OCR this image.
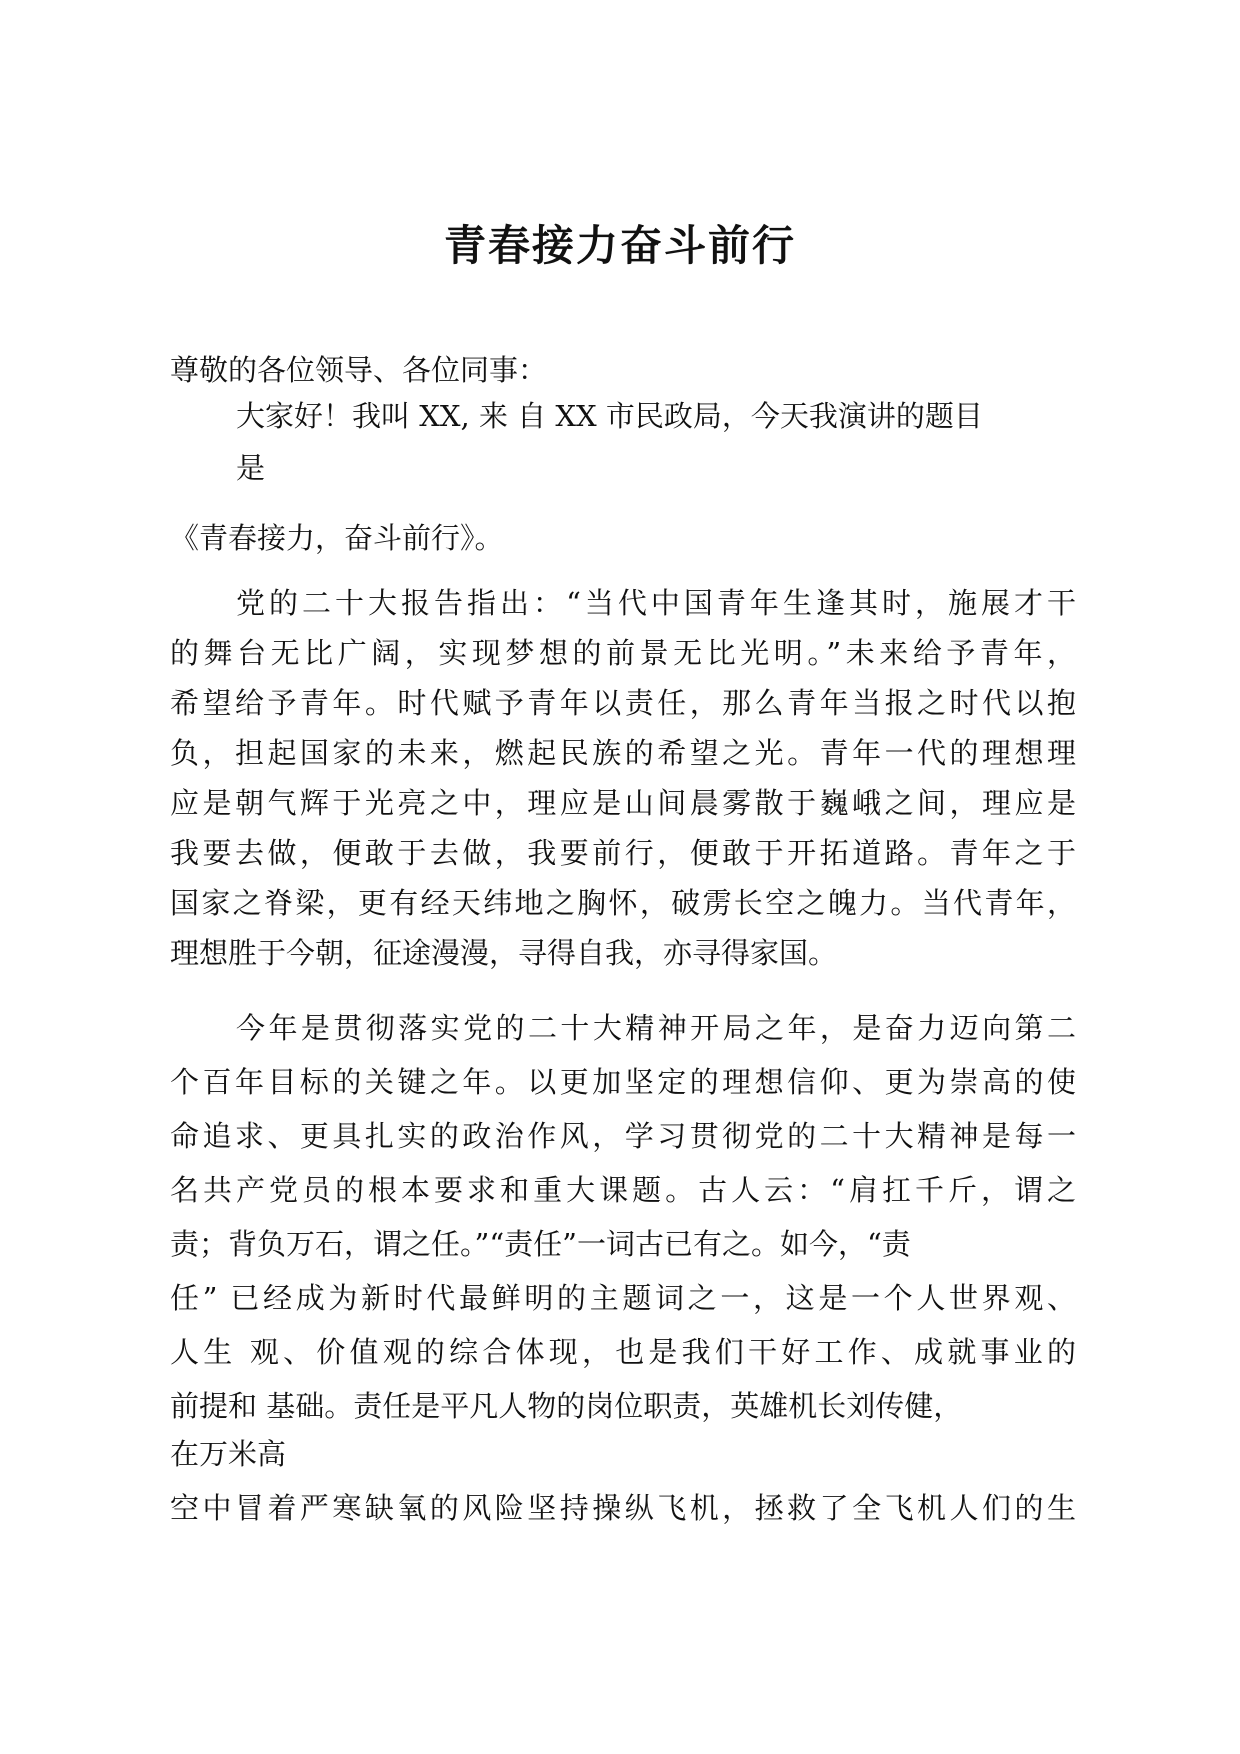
青春接力奋斗前行

尊敬的各位领导、各位同事：

大家好！我叫 XX, 来 自 XX 市民政局，今天我演讲的题目

是

《青春接力，奋斗前行》。

党的二十大报告指出：“当代中国青年生逢其时，施展才干

的舞台无比广阔，实现梦想的前景无比光明。”未来给予青年，

希望给予青年。时代赋予青年以责任，那么青年当报之时代以抱

负，担起国家的未来，燃起民族的希望之光。青年一代的理想理

应是朝气辉于光亮之中，理应是山间晨雾散于巍峨之间，理应是

我要去做，便敢于去做，我要前行，便敢于开拓道路。青年之于

国家之脊梁，更有经天纬地之胸怀，破雳长空之魄力。当代青年，

理想胜于今朝，征途漫漫，寻得自我，亦寻得家国。

今年是贯彻落实党的二十大精神开局之年，是奋力迈向第二

个百年目标的关键之年。以更加坚定的理想信仰、更为崇高的使

命追求、更具扎实的政治作风，学习贯彻党的二十大精神是每一

名共产党员的根本要求和重大课题。古人云：“肩扛千斤，谓之

责；背负万石，谓之任。”“责任”一词古已有之。如今，“责

任” 已经成为新时代最鲜明的主题词之一，这是一个人世界观、

人生 观、价值观的综合体现，也是我们干好工作、成就事业的

前提和 基础。责任是平凡人物的岗位职责，英雄机长刘传健，

在万米高

空中冒着严寒缺氧的风险坚持操纵飞机，拯救了全飞机人们的生
